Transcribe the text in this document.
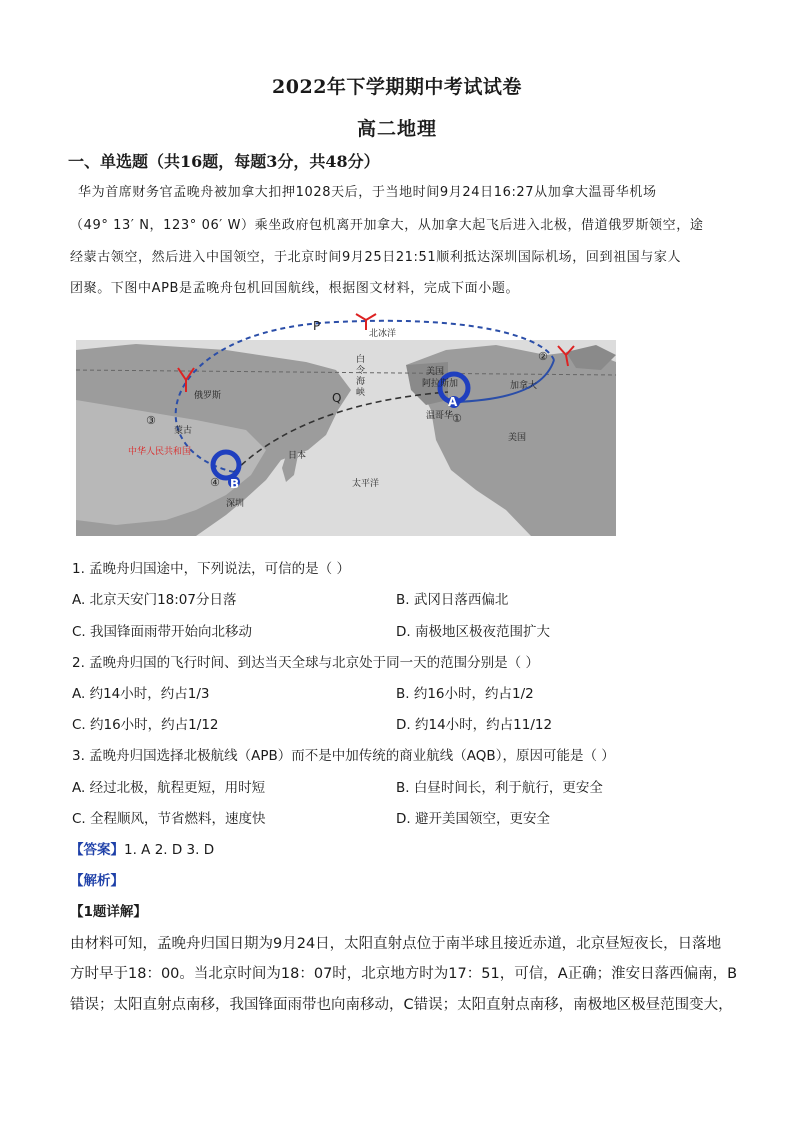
2022年下学期期中考试试卷
高二地理
一、单选题（共16题，每题3分，共48分）
华为首席财务官孟晚舟被加拿大扣押1028天后，于当地时间9月24日16:27从加拿大温哥华机场
（49° 13′ N，123° 06′ W）乘坐政府包机离开加拿大，从加拿大起飞后进入北极，借道俄罗斯领空，途
经蒙古领空，然后进入中国领空，于北京时间9月25日21:51顺利抵达深圳国际机场，回到祖国与家人
团聚。下图中APB是孟晚舟包机回国航线，根据图文材料，完成下面小题。
北冰洋
P
Q
白
令
海
峡
俄罗斯
蒙古
中华人民共和国	日本
深圳
太平洋
美国
阿拉斯加	加拿大
温哥华
美国
A
B
①
②
③
④
1. 孟晚舟归国途中，下列说法，可信的是（ ）
A. 北京天安门18:07分日落	B. 武冈日落西偏北
C. 我国锋面雨带开始向北移动	D. 南极地区极夜范围扩大
2. 孟晚舟归国的飞行时间、到达当天全球与北京处于同一天的范围分别是（ ）
A. 约14小时，约占1/3	B. 约16小时，约占1/2
C. 约16小时，约占1/12	D. 约14小时，约占11/12
3. 孟晚舟归国选择北极航线（APB）而不是中加传统的商业航线（AQB），原因可能是（ ）
A. 经过北极，航程更短，用时短	B. 白昼时间长，利于航行，更安全
C. 全程顺风，节省燃料，速度快	D. 避开美国领空，更安全
【答案】1. A 2. D 3. D
【解析】
【1题详解】
由材料可知，孟晚舟归国日期为9月24日，太阳直射点位于南半球且接近赤道，北京昼短夜长，日落地
方时早于18：00。当北京时间为18：07时，北京地方时为17：51，可信，A正确；淮安日落西偏南，B
错误；太阳直射点南移，我国锋面雨带也向南移动，C错误；太阳直射点南移，南极地区极昼范围变大，
